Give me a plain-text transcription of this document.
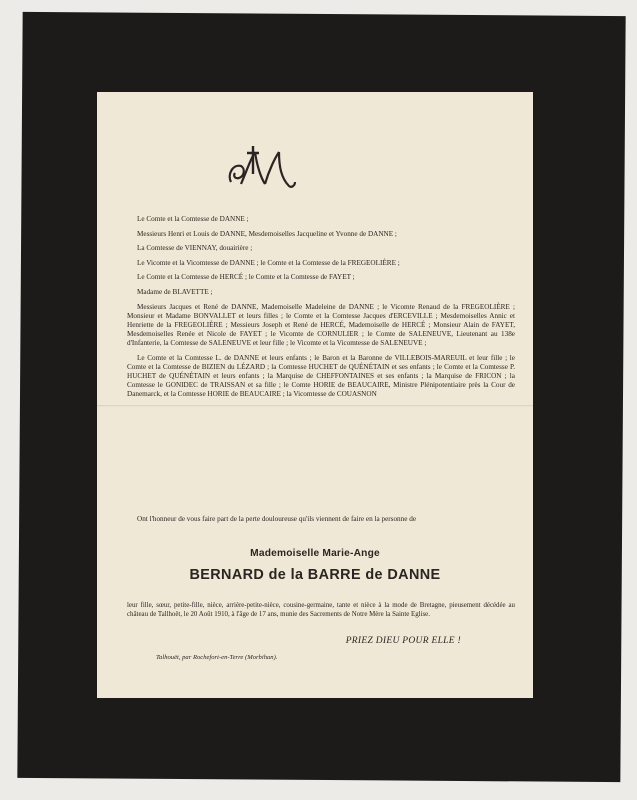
M

Le Comte et la Comtesse de DANNE ;

Messieurs Henri et Louis de DANNE, Mesdemoiselles Jacqueline et Yvonne de DANNE ;

La Comtesse de VIENNAY, douairière ;

Le Vicomte et la Vicomtesse de DANNE ; le Comte et la Comtesse de la FREGEOLIÈRE ;

Le Comte et la Comtesse de HERCÉ ; le Comte et la Comtesse de FAYET ;

Madame de BLAVETTE ;

Messieurs Jacques et René de DANNE, Mademoiselle Madeleine de DANNE ; le Vicomte Renaud de la FREGEOLIÈRE ; Monsieur et Madame BONVALLET et leurs filles ; le Comte et la Comtesse Jacques d'ERCEVILLE ; Mesdemoiselles Annic et Henriette de la FREGEOLIÈRE ; Messieurs Joseph et René de HERCÉ, Mademoiselle de HERCÉ ; Monsieur Alain de FAYET, Mesdemoiselles Renée et Nicole de FAYET ; le Vicomte de CORNULIER ; le Comte de SALENEUVE, Lieutenant au 138e d'Infanterie, la Comtesse de SALENEUVE et leur fille ; le Vicomte et la Vicomtesse de SALENEUVE ;

Le Comte et la Comtesse L. de DANNE et leurs enfants ; le Baron et la Baronne de VILLEBOIS-MAREUIL et leur fille ; le Comte et la Comtesse de BIZIEN du LÉZARD ; la Comtesse HUCHET de QUÉNÉTAIN et ses enfants ; le Comte et la Comtesse P. HUCHET de QUÉNÉTAIN et leurs enfants ; la Marquise de CHEFFONTAINES et ses enfants ; la Marquise de FRICON ; la Comtesse le GONIDEC de TRAISSAN et sa fille ; le Comte HORIE de BEAUCAIRE, Ministre Plénipotentiaire près la Cour de Danemarck, et la Comtesse HORIE de BEAUCAIRE ; la Vicomtesse de COUASNON

Ont l'honneur de vous faire part de la perte douloureuse qu'ils viennent de faire en la personne de

Mademoiselle Marie-Ange
BERNARD de la BARRE de DANNE
leur fille, sœur, petite-fille, nièce, arrière-petite-nièce, cousine-germaine, tante et nièce à la mode de Bretagne, pieusement décédée au château de Tallhoët, le 20 Août 1910, à l'âge de 17 ans, munie des Sacrements de Notre Mère la Sainte Eglise.
PRIEZ DIEU POUR ELLE !
Talhouët, par Rochefort-en-Terre (Morbihan).
